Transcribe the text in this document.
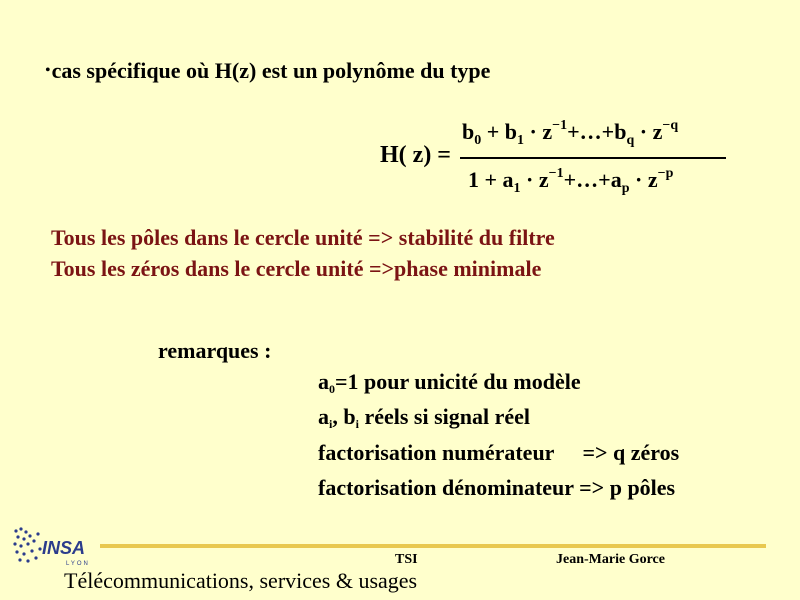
•cas spécifique où H(z) est un polynôme du type
H( z) =
$b_0 + b_1$ · $z^{-1}+\dots+b_q \cdot z^{-q}$
$1 + a_1$ · $z^{-1}+\dots+a_p \cdot z^{-p}$
Tous les pôles dans le cercle unité => stabilité du filtre
Tous les zéros dans le cercle unité =>phase minimale
remarques :
$a_0=1$ pour unicité du modèle
$a_i$, $b_i$ réels si signal réel
factorisation numérateur => q zéros
factorisation dénominateur => p pôles
INSA
LYON	TSI	Jean-Marie Gorce
Télécommunications, services & usages
